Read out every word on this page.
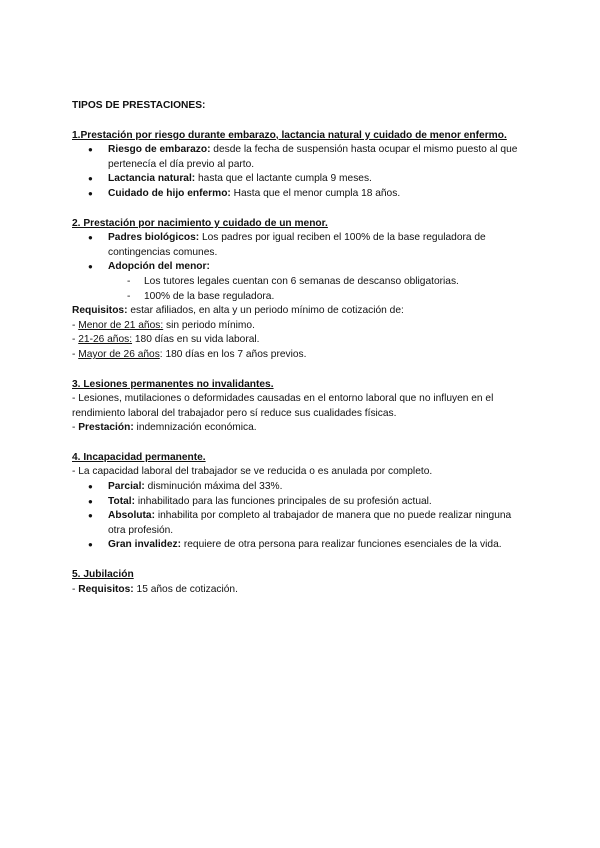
TIPOS DE PRESTACIONES:

1.Prestación por riesgo durante embarazo, lactancia natural y cuidado de menor enfermo.

● Riesgo de embarazo: desde la fecha de suspensión hasta ocupar el mismo puesto al que pertenecía el día previo al parto.
● Lactancia natural: hasta que el lactante cumpla 9 meses.
● Cuidado de hijo enfermo: Hasta que el menor cumpla 18 años.

2. Prestación por nacimiento y cuidado de un menor.

● Padres biológicos: Los padres por igual reciben el 100% de la base reguladora de contingencias comunes.
● Adopción del menor:
- Los tutores legales cuentan con 6 semanas de descanso obligatorias.
- 100% de la base reguladora.

Requisitos: estar afiliados, en alta y un periodo mínimo de cotización de:

- Menor de 21 años: sin periodo mínimo.

- 21-26 años: 180 días en su vida laboral.

- Mayor de 26 años: 180 días en los 7 años previos.

3. Lesiones permanentes no invalidantes.

- Lesiones, mutilaciones o deformidades causadas en el entorno laboral que no influyen en el rendimiento laboral del trabajador pero sí reduce sus cualidades físicas.

- Prestación: indemnización económica.

4. Incapacidad permanente.

- La capacidad laboral del trabajador se ve reducida o es anulada por completo.

● Parcial: disminución máxima del 33%.
● Total: inhabilitado para las funciones principales de su profesión actual.
● Absoluta: inhabilita por completo al trabajador de manera que no puede realizar ninguna otra profesión.
● Gran invalidez: requiere de otra persona para realizar funciones esenciales de la vida.

5. Jubilación

- Requisitos: 15 años de cotización.
